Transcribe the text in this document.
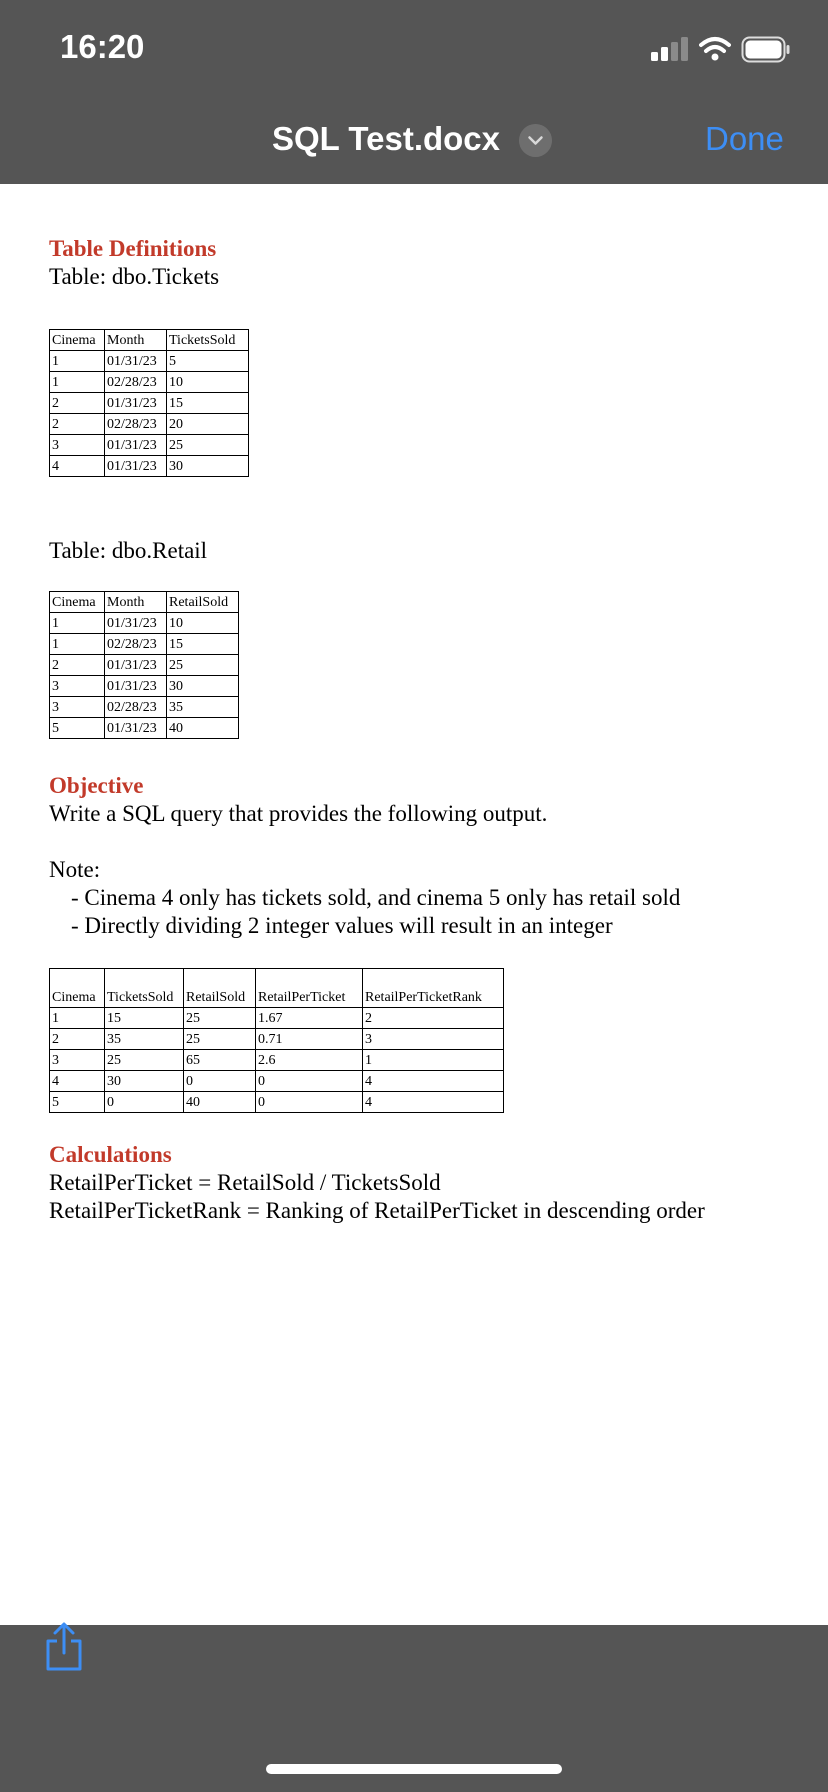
16:20
SQL Test.docx	Done
Table Definitions
Table: dbo.Tickets
Cinema	Month	TicketsSold
1	01/31/23	5
1	02/28/23	10
2	01/31/23	15
2	02/28/23	20
3	01/31/23	25
4	01/31/23	30
Table: dbo.Retail
Cinema	Month	RetailSold
1	01/31/23	10
1	02/28/23	15
2	01/31/23	25
3	01/31/23	30
3	02/28/23	35
5	01/31/23	40
Objective
Write a SQL query that provides the following output.
Note:
- Cinema 4 only has tickets sold, and cinema 5 only has retail sold
- Directly dividing 2 integer values will result in an integer
Cinema	TicketsSold	RetailSold	RetailPerTicket	RetailPerTicketRank
1	15	25	1.67	2
2	35	25	0.71	3
3	25	65	2.6	1
4	30	0	0	4
5	0	40	0	4
Calculations
RetailPerTicket = RetailSold / TicketsSold
RetailPerTicketRank = Ranking of RetailPerTicket in descending order
